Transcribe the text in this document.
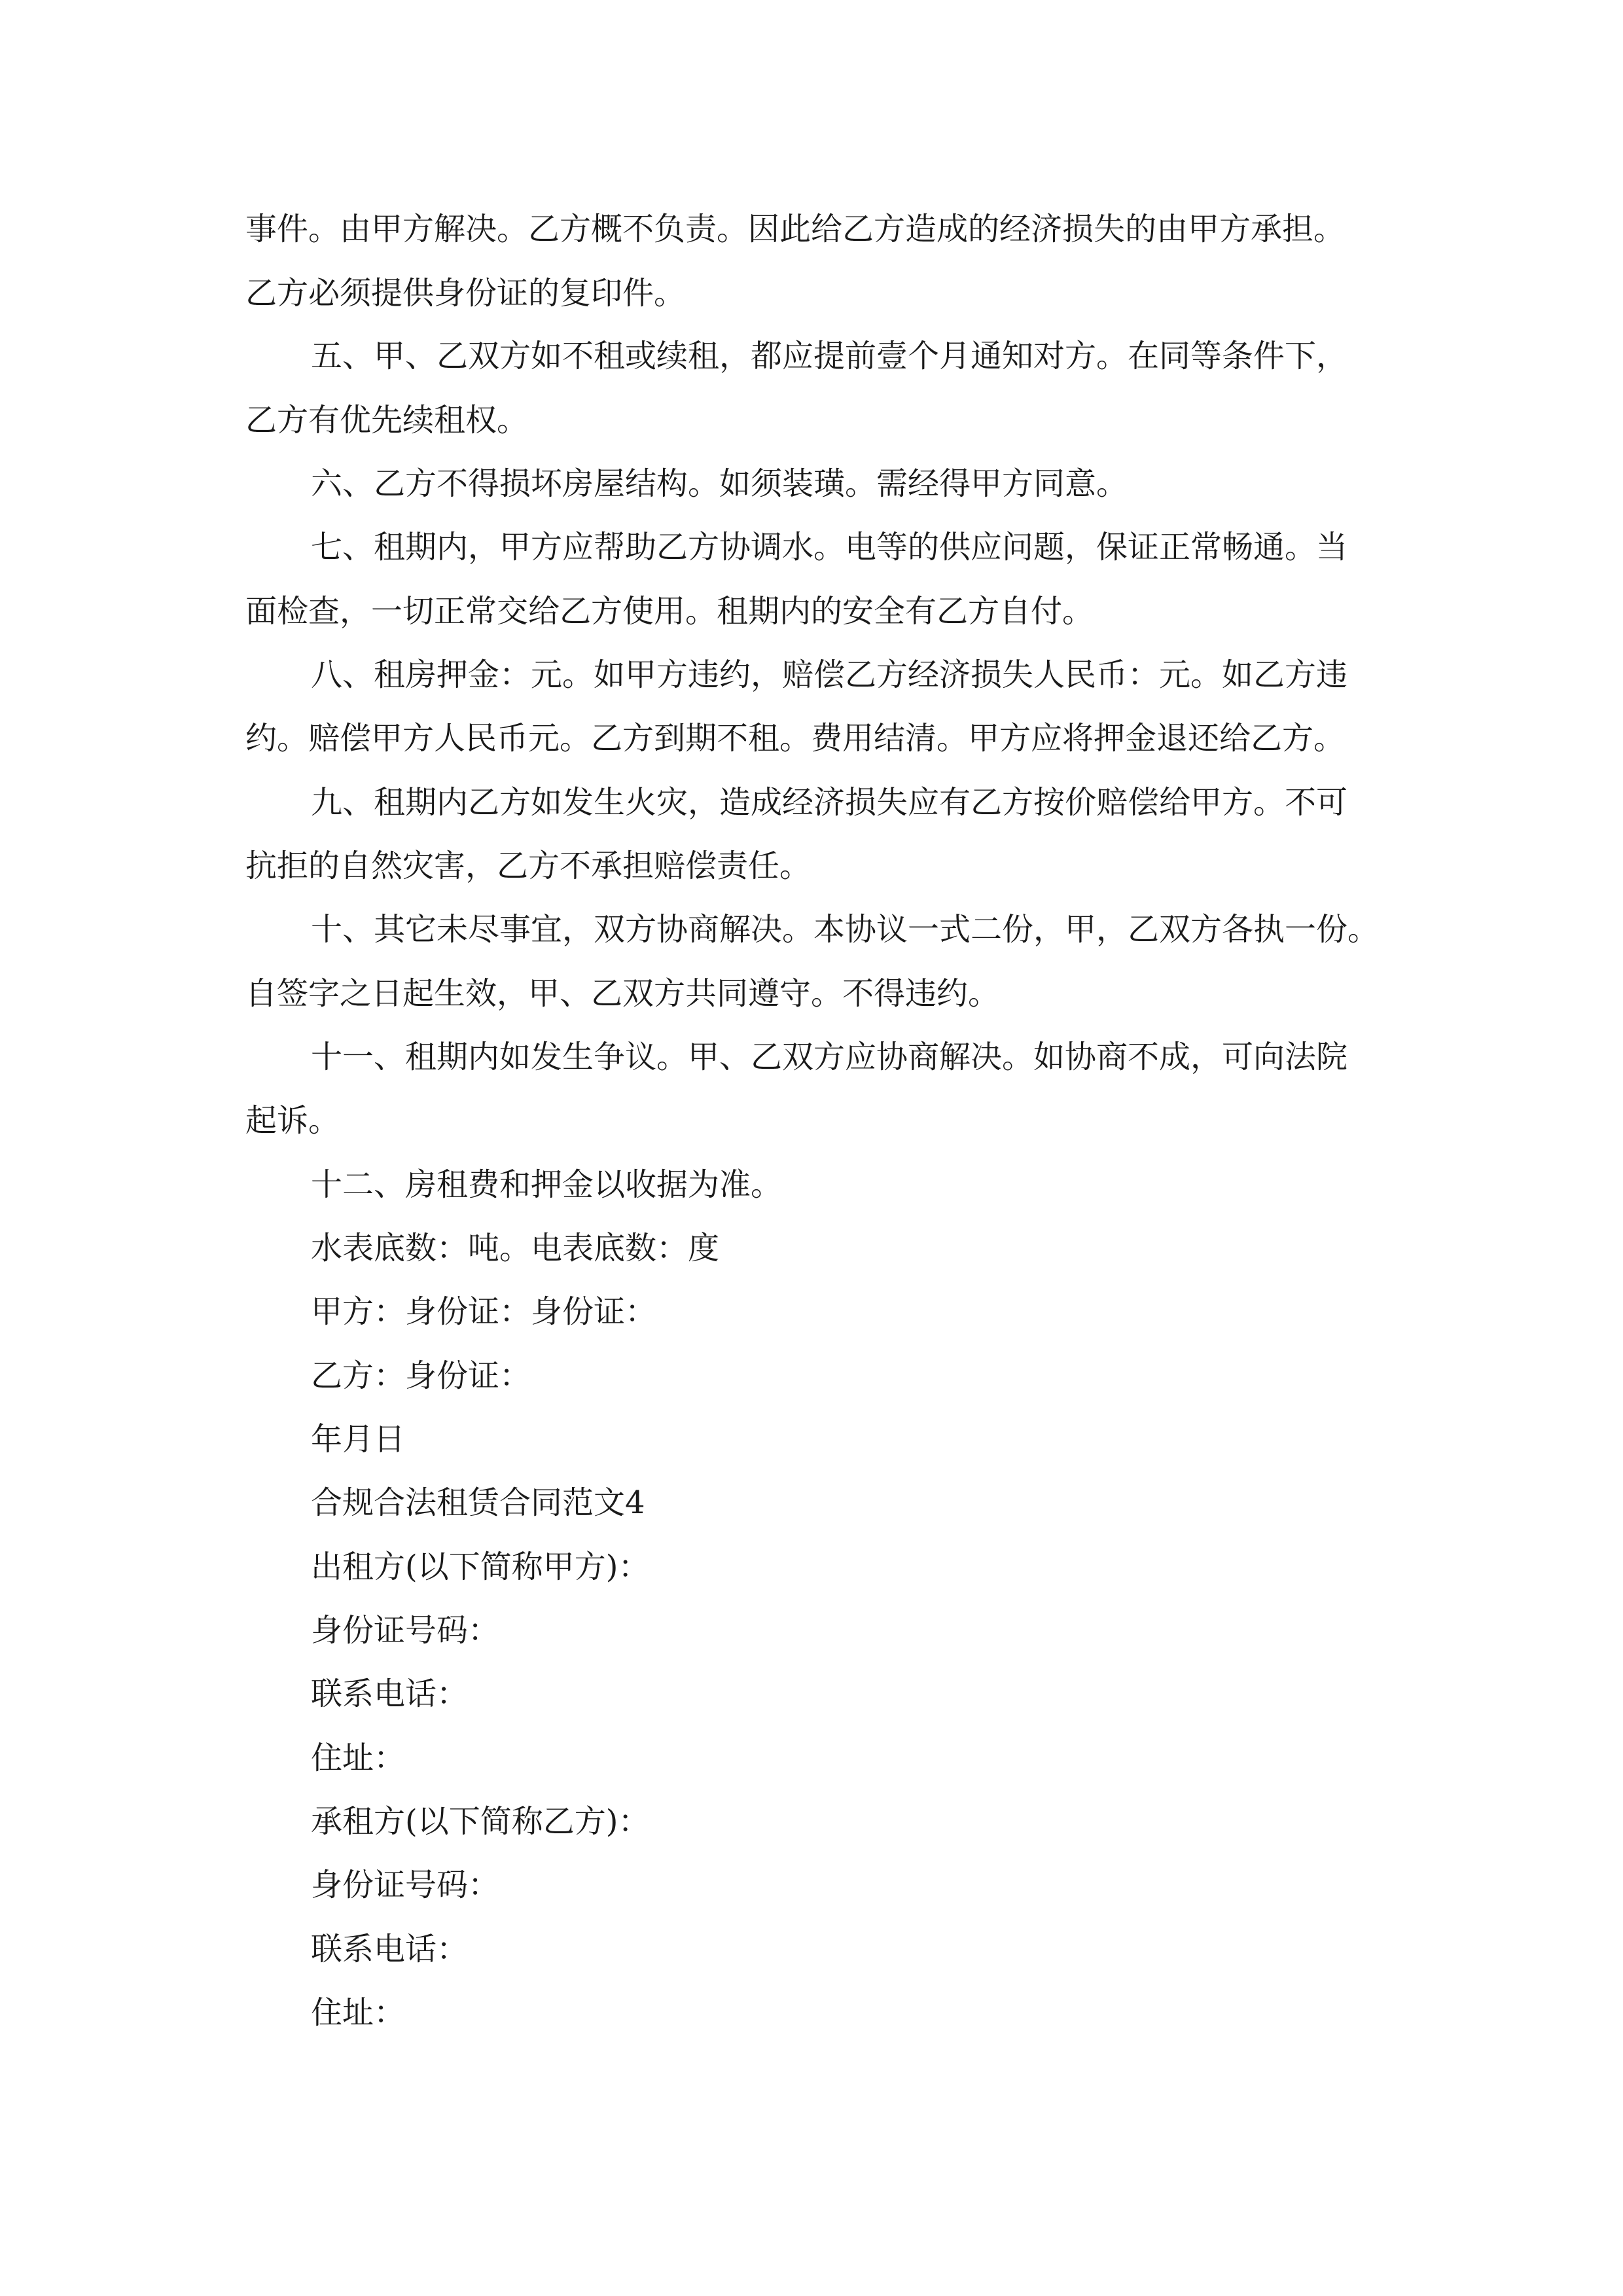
事件。由甲方解决。乙方概不负责。因此给乙方造成的经济损失的由甲方承担。
乙方必须提供身份证的复印件。
五、甲、乙双方如不租或续租，都应提前壹个月通知对方。在同等条件下，
乙方有优先续租权。
六、乙方不得损坏房屋结构。如须装璜。需经得甲方同意。
七、租期内，甲方应帮助乙方协调水。电等的供应问题，保证正常畅通。当
面检查，一切正常交给乙方使用。租期内的安全有乙方自付。
八、租房押金：元。如甲方违约，赔偿乙方经济损失人民币：元。如乙方违
约。赔偿甲方人民币元。乙方到期不租。费用结清。甲方应将押金退还给乙方。
九、租期内乙方如发生火灾，造成经济损失应有乙方按价赔偿给甲方。不可
抗拒的自然灾害，乙方不承担赔偿责任。
十、其它未尽事宜，双方协商解决。本协议一式二份，甲，乙双方各执一份。
自签字之日起生效，甲、乙双方共同遵守。不得违约。
十一、租期内如发生争议。甲、乙双方应协商解决。如协商不成，可向法院
起诉。
十二、房租费和押金以收据为准。
水表底数：吨。电表底数：度
甲方：身份证：身份证：
乙方：身份证：
年月日
合规合法租赁合同范文4
出租方(以下简称甲方)：
身份证号码：
联系电话：
住址：
承租方(以下简称乙方)：
身份证号码：
联系电话：
住址：
